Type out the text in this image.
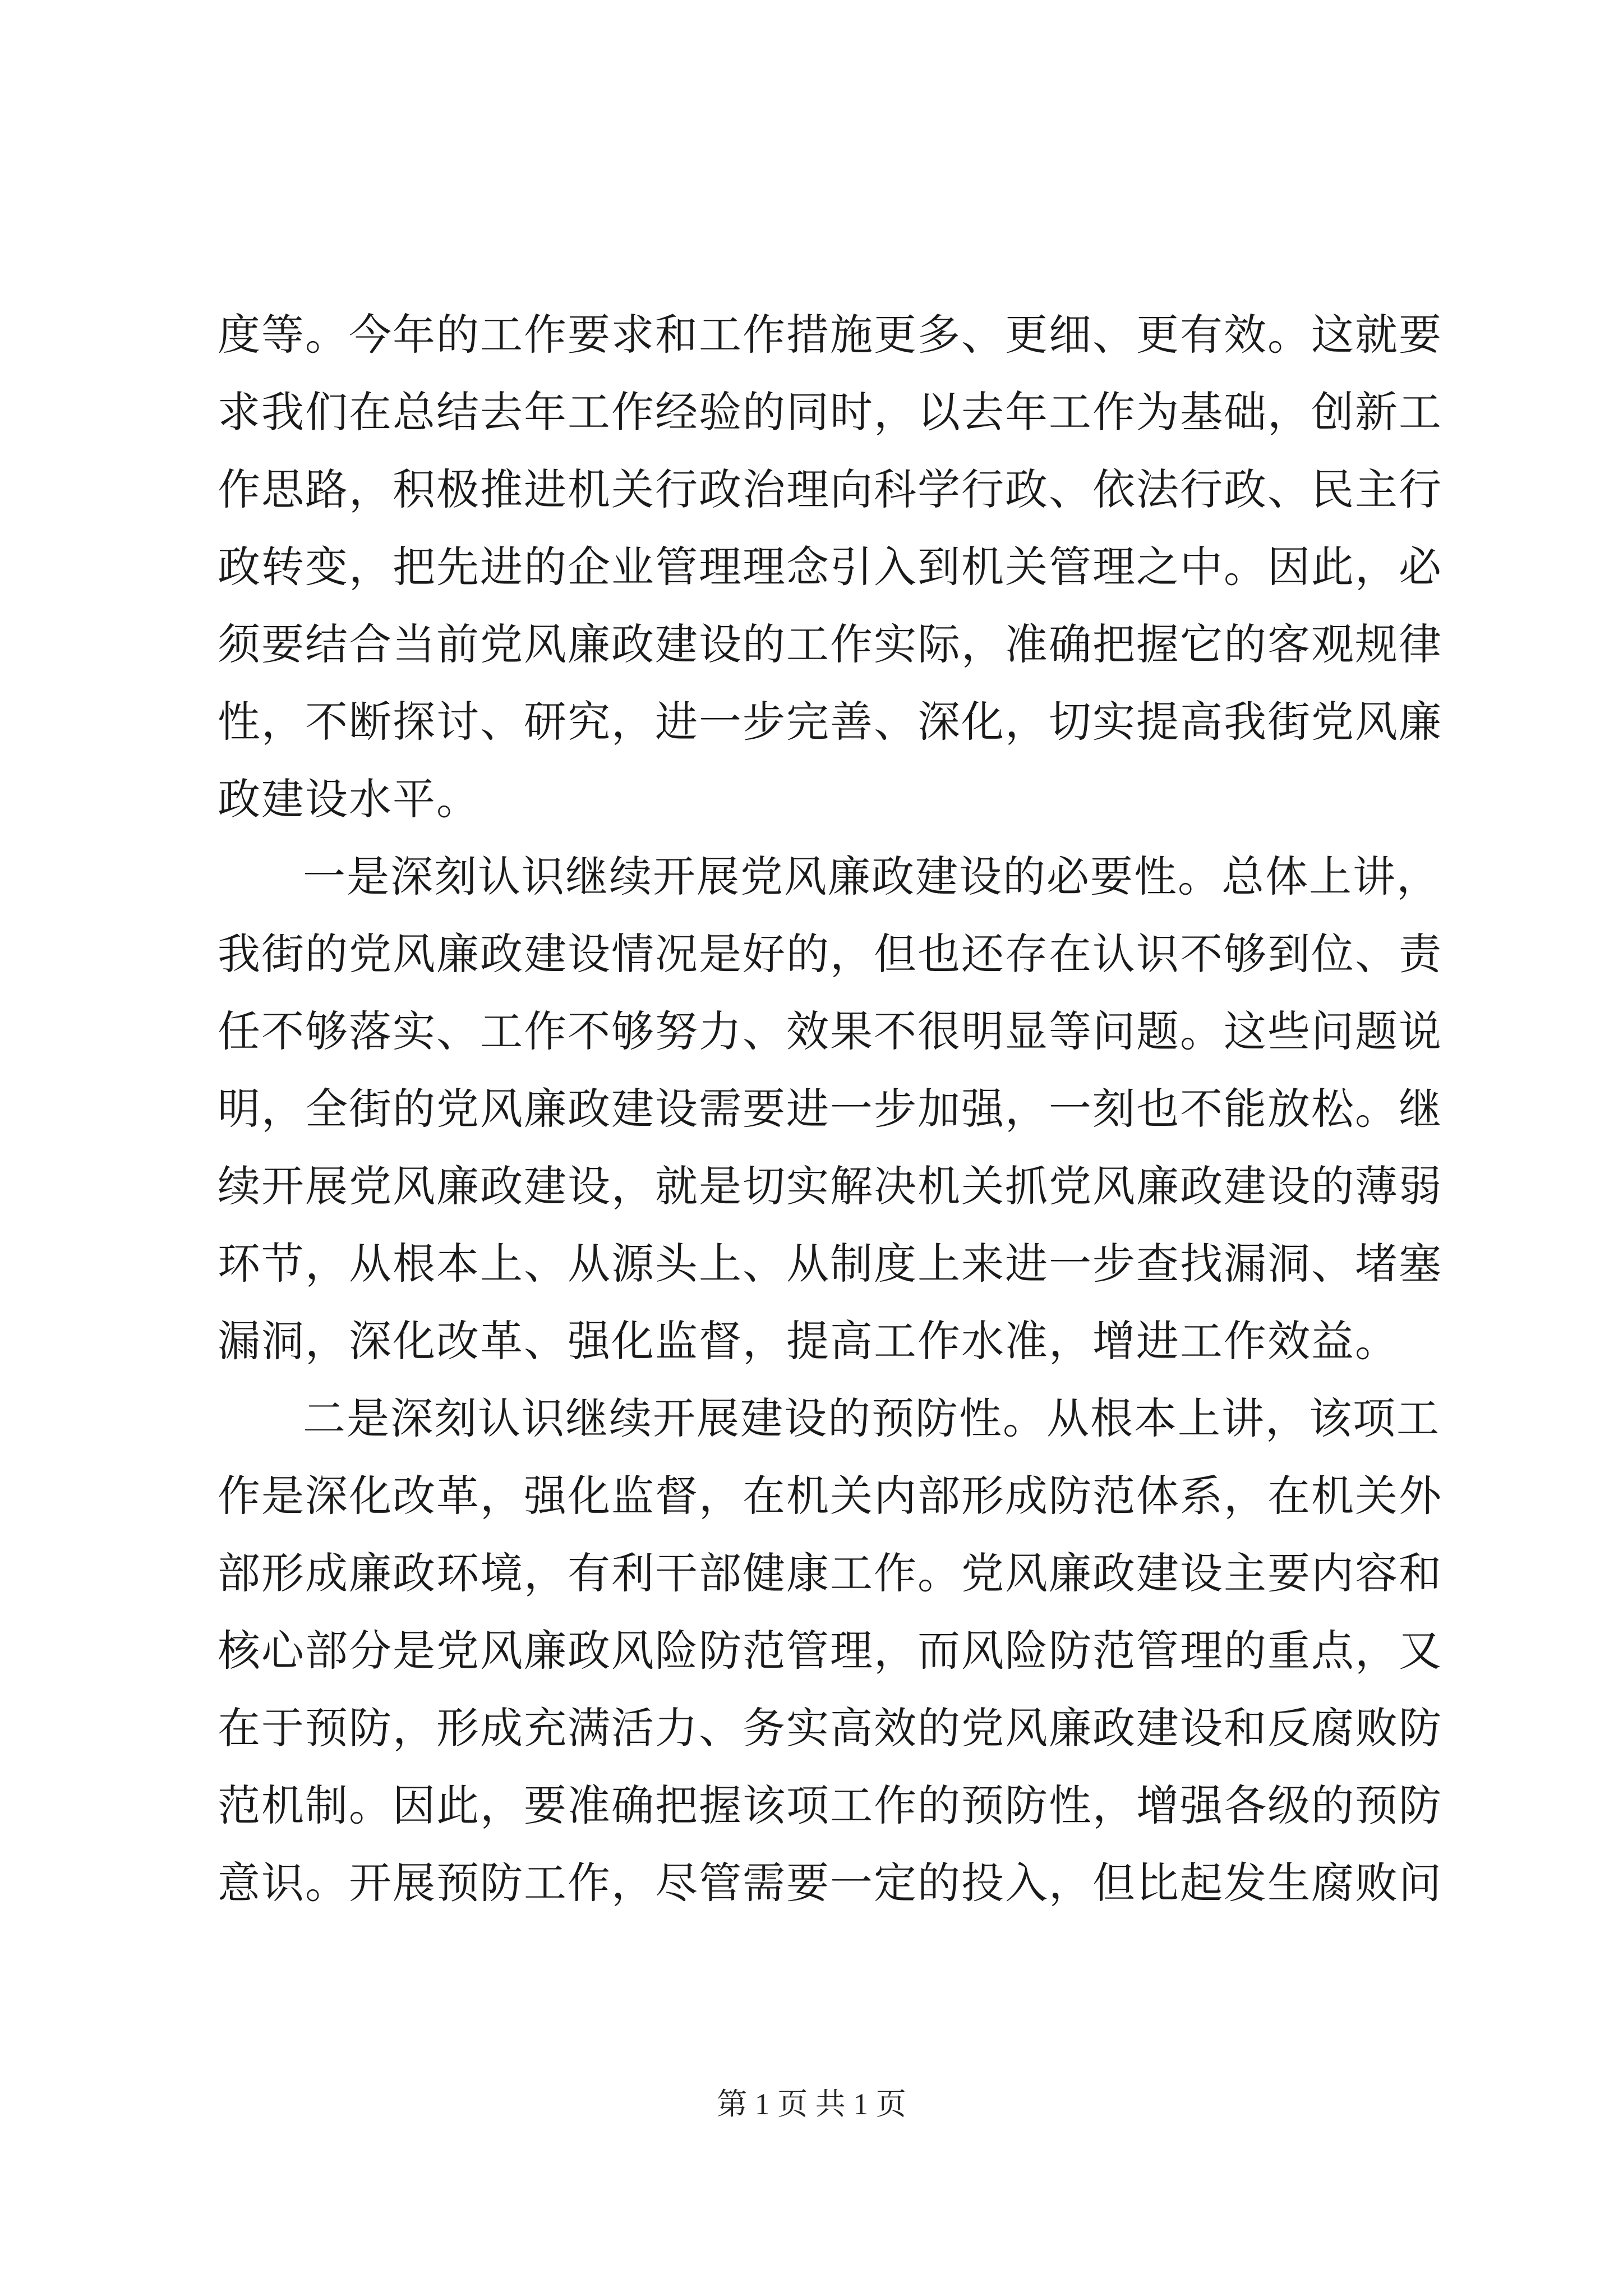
度等。今年的工作要求和工作措施更多、更细、更有效。这就要
求我们在总结去年工作经验的同时，以去年工作为基础，创新工
作思路，积极推进机关行政治理向科学行政、依法行政、民主行
政转变，把先进的企业管理理念引入到机关管理之中。因此，必
须要结合当前党风廉政建设的工作实际，准确把握它的客观规律
性，不断探讨、研究，进一步完善、深化，切实提高我街党风廉
政建设水平。
一是深刻认识继续开展党风廉政建设的必要性。总体上讲，
我街的党风廉政建设情况是好的，但也还存在认识不够到位、责
任不够落实、工作不够努力、效果不很明显等问题。这些问题说
明，全街的党风廉政建设需要进一步加强，一刻也不能放松。继
续开展党风廉政建设，就是切实解决机关抓党风廉政建设的薄弱
环节，从根本上、从源头上、从制度上来进一步查找漏洞、堵塞
漏洞，深化改革、强化监督，提高工作水准，增进工作效益。
二是深刻认识继续开展建设的预防性。从根本上讲，该项工
作是深化改革，强化监督，在机关内部形成防范体系，在机关外
部形成廉政环境，有利干部健康工作。党风廉政建设主要内容和
核心部分是党风廉政风险防范管理，而风险防范管理的重点，又
在于预防，形成充满活力、务实高效的党风廉政建设和反腐败防
范机制。因此，要准确把握该项工作的预防性，增强各级的预防
意识。开展预防工作，尽管需要一定的投入，但比起发生腐败问
第 1 页 共 1 页
